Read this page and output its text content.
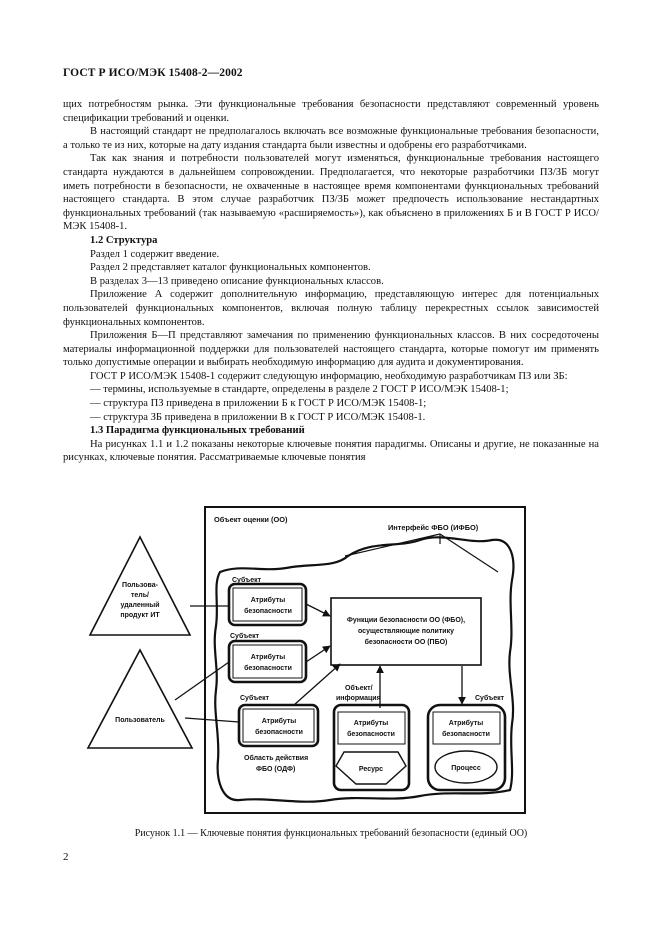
ГОСТ Р ИСО/МЭК 15408-2—2002

щих потребностям рынка. Эти функциональные требования безопасности представляют современный уровень спецификации требований и оценки.

В настоящий стандарт не предполагалось включать все возможные функциональные требования безопасности, а только те из них, которые на дату издания стандарта были известны и одобрены его разработчиками.

Так как знания и потребности пользователей могут изменяться, функциональные требования настоящего стандарта нуждаются в дальнейшем сопровождении. Предполагается, что некоторые разработчики ПЗ/ЗБ могут иметь потребности в безопасности, не охваченные в настоящее время компонентами функциональных требований настоящего стандарта. В этом случае разработчик ПЗ/ЗБ может предпочесть использование нестандартных функциональных требований (так называемую «расширяемость»), как объяснено в приложениях Б и В ГОСТ Р ИСО/МЭК 15408-1.

1.2 Структура

Раздел 1 содержит введение.

Раздел 2 представляет каталог функциональных компонентов.

В разделах 3—13 приведено описание функциональных классов.

Приложение А содержит дополнительную информацию, представляющую интерес для потенциальных пользователей функциональных компонентов, включая полную таблицу перекрестных ссылок зависимостей функциональных компонентов.

Приложения Б—П представляют замечания по применению функциональных классов. В них сосредоточены материалы информационной поддержки для пользователей настоящего стандарта, которые помогут им применять только допустимые операции и выбирать необходимую информацию для аудита и документирования.

ГОСТ Р ИСО/МЭК 15408-1 содержит следующую информацию, необходимую разработчикам ПЗ или ЗБ:

— термины, используемые в стандарте, определены в разделе 2 ГОСТ Р ИСО/МЭК 15408-1;

— структура ПЗ приведена в приложении Б к ГОСТ Р ИСО/МЭК 15408-1;

— структура ЗБ приведена в приложении В к ГОСТ Р ИСО/МЭК 15408-1.

1.3 Парадигма функциональных требований

На рисунках 1.1 и 1.2 показаны некоторые ключевые понятия парадигмы. Описаны и другие, не показанные на рисунках, ключевые понятия. Рассматриваемые ключевые понятия

Объект оценки (ОО)
Интерфейс ФБО (ИФБО)
Пользова-
тель/
удаленный
продукт ИТ
Пользователь
Субъект
Атрибуты
безопасности
Субъект
Атрибуты
безопасности
Субъект
Атрибуты
безопасности
Функции безопасности ОО (ФБО),
осуществляющие политику
безопасности ОО (ПБО)
Объект/
информация
Атрибуты
безопасности
Ресурс
Субъект
Атрибуты
безопасности
Процесс
Область действия
ФБО (ОДФ)
Рисунок 1.1 — Ключевые понятия функциональных требований безопасности (единый ОО)
2
